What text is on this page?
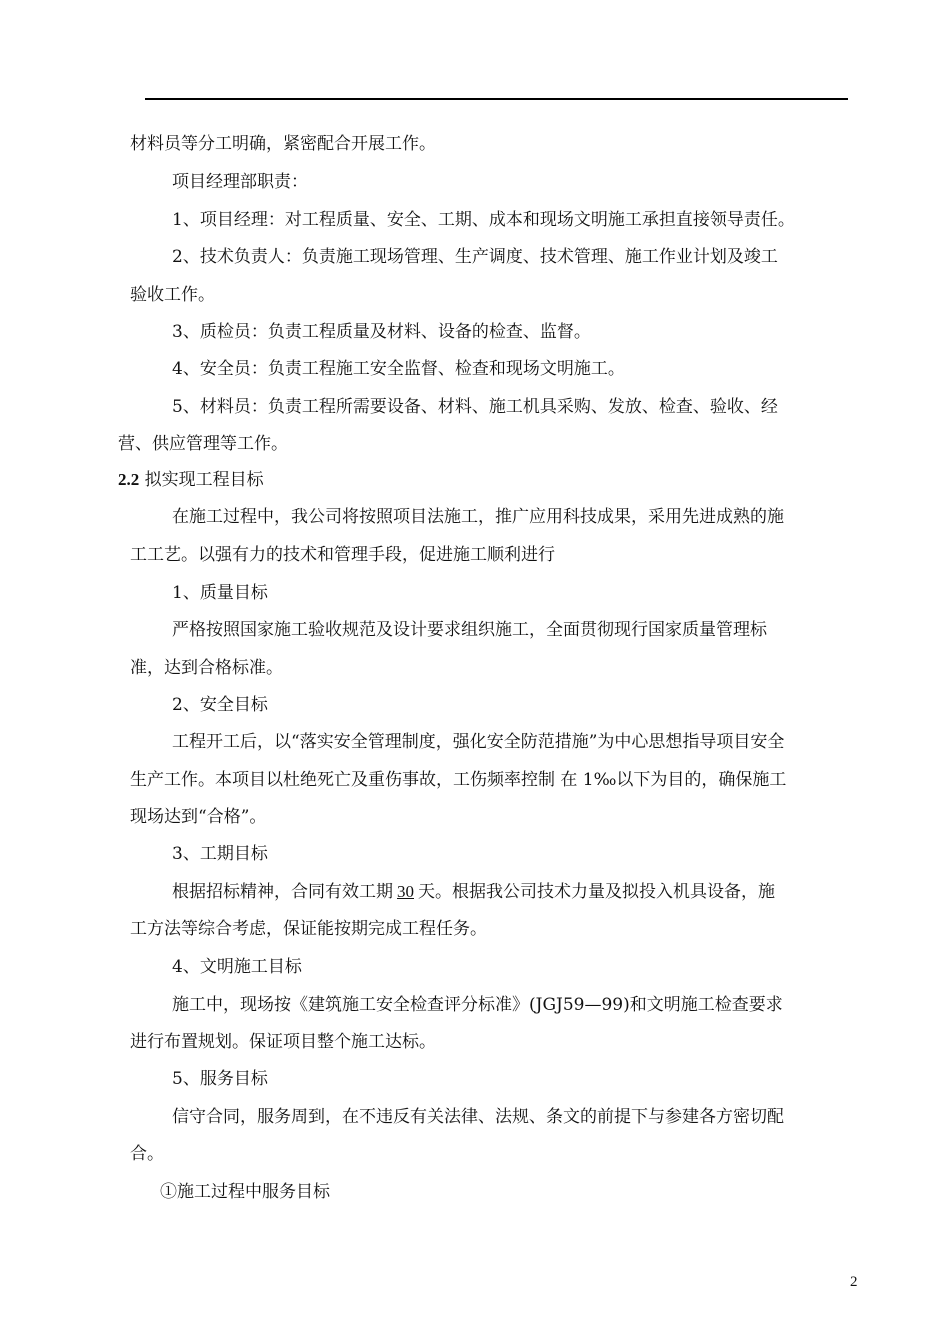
材料员等分工明确，紧密配合开展工作。
项目经理部职责：
1、项目经理：对工程质量、安全、工期、成本和现场文明施工承担直接领导责任。
2、技术负责人：负责施工现场管理、生产调度、技术管理、施工作业计划及竣工
验收工作。
3、质检员：负责工程质量及材料、设备的检查、监督。
4、安全员：负责工程施工安全监督、检查和现场文明施工。
5、材料员：负责工程所需要设备、材料、施工机具采购、发放、检查、验收、经
营、供应管理等工作。
2.2 拟实现工程目标
在施工过程中，我公司将按照项目法施工，推广应用科技成果，采用先进成熟的施
工工艺。以强有力的技术和管理手段，促进施工顺利进行
1、质量目标
严格按照国家施工验收规范及设计要求组织施工，全面贯彻现行国家质量管理标
准，达到合格标准。
2、安全目标
工程开工后，以“落实安全管理制度，强化安全防范措施”为中心思想指导项目安全
生产工作。本项目以杜绝死亡及重伤事故，工伤频率控制 在 1‰以下为目的，确保施工
现场达到“合格”。
3、工期目标
根据招标精神，合同有效工期 30 天。根据我公司技术力量及拟投入机具设备，施
工方法等综合考虑，保证能按期完成工程任务。
4、文明施工目标
施工中，现场按《建筑施工安全检查评分标准》(JGJ59—99)和文明施工检查要求
进行布置规划。保证项目整个施工达标。
5、服务目标
信守合同，服务周到，在不违反有关法律、法规、条文的前提下与参建各方密切配
合。
①施工过程中服务目标
2
